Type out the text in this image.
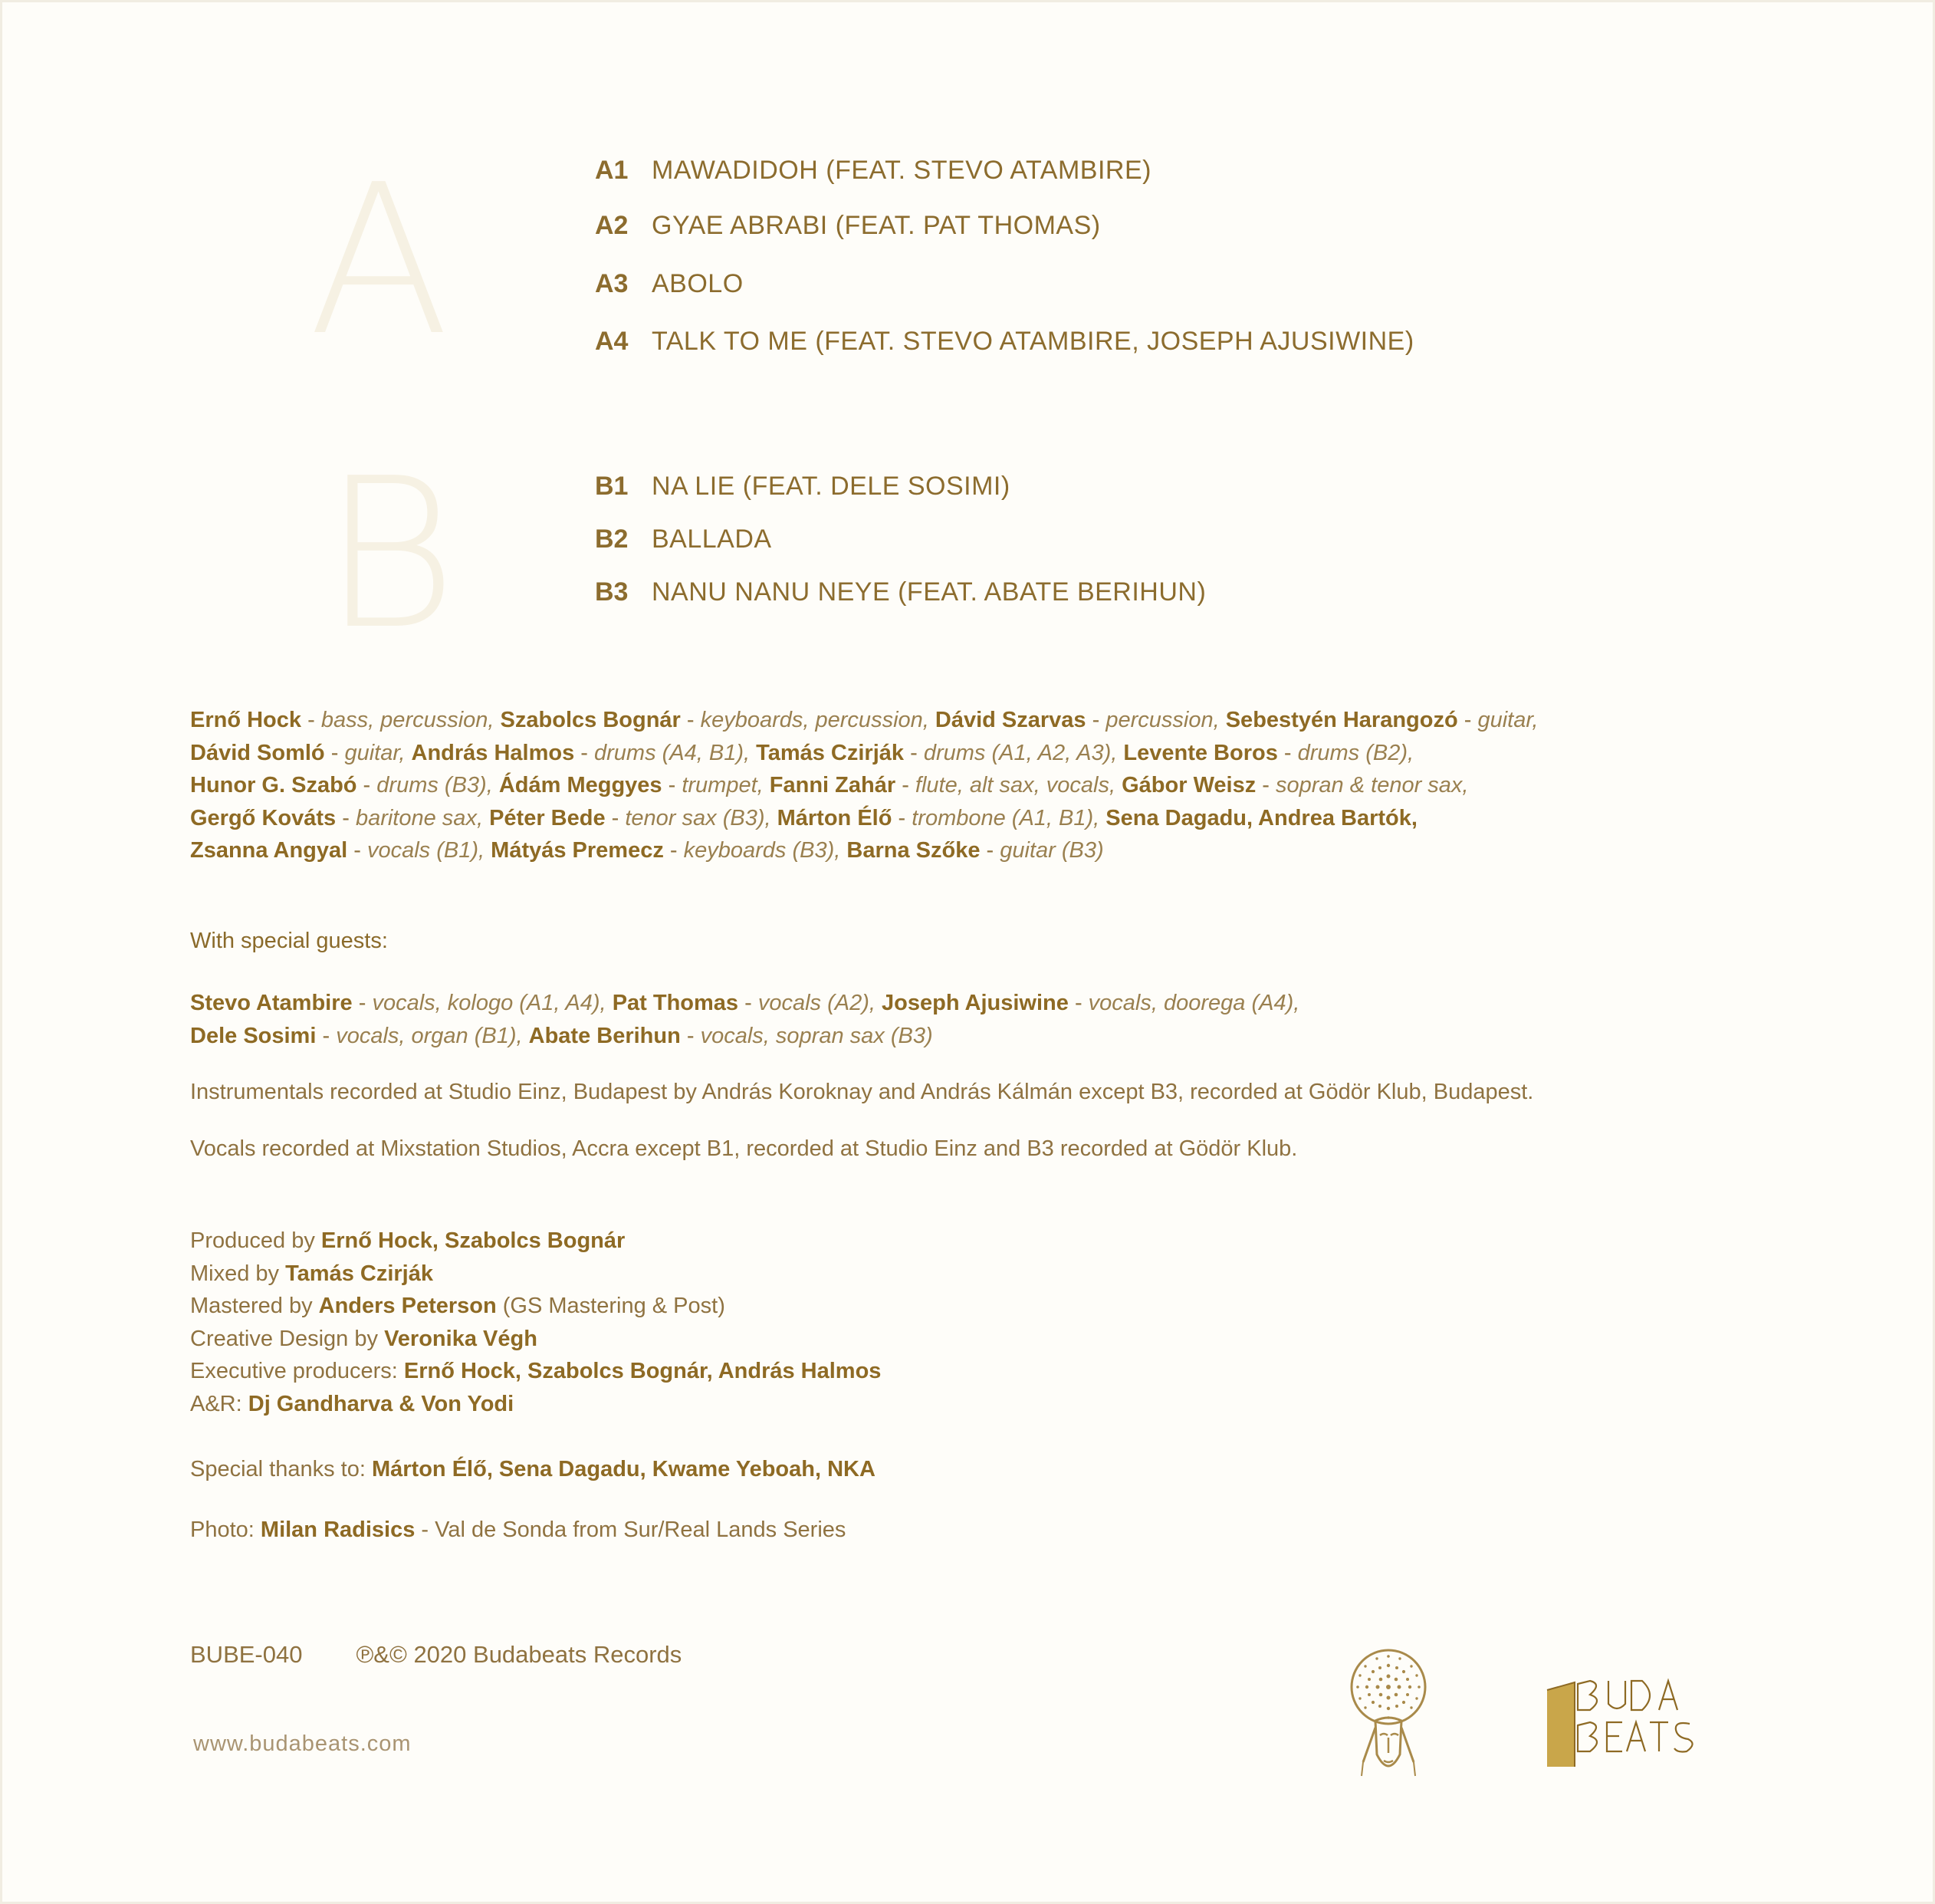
A
B
A1 MAWADIDOH (FEAT. STEVO ATAMBIRE)
A2 GYAE ABRABI (FEAT. PAT THOMAS)
A3 ABOLO
A4 TALK TO ME (FEAT. STEVO ATAMBIRE, JOSEPH AJUSIWINE)
B1 NA LIE (FEAT. DELE SOSIMI)
B2 BALLADA
B3 NANU NANU NEYE (FEAT. ABATE BERIHUN)
Ernő Hock - bass, percussion, Szabolcs Bognár - keyboards, percussion, Dávid Szarvas - percussion, Sebestyén Harangozó - guitar,
Dávid Somló - guitar, András Halmos - drums (A4, B1), Tamás Czirják - drums (A1, A2, A3), Levente Boros - drums (B2),
Hunor G. Szabó - drums (B3), Ádám Meggyes - trumpet, Fanni Zahár - flute, alt sax, vocals, Gábor Weisz - sopran & tenor sax,
Gergő Kováts - baritone sax, Péter Bede - tenor sax (B3), Márton Élő - trombone (A1, B1), Sena Dagadu, Andrea Bartók,
Zsanna Angyal - vocals (B1), Mátyás Premecz - keyboards (B3), Barna Szőke - guitar (B3)
With special guests:
Stevo Atambire - vocals, kologo (A1, A4), Pat Thomas - vocals (A2), Joseph Ajusiwine - vocals, doorega (A4),
Dele Sosimi - vocals, organ (B1), Abate Berihun - vocals, sopran sax (B3)
Instrumentals recorded at Studio Einz, Budapest by András Koroknay and András Kálmán except B3, recorded at Gödör Klub, Budapest.
Vocals recorded at Mixstation Studios, Accra except B1, recorded at Studio Einz and B3 recorded at Gödör Klub.
Produced by Ernő Hock, Szabolcs Bognár
Mixed by Tamás Czirják
Mastered by Anders Peterson (GS Mastering & Post)
Creative Design by Veronika Végh
Executive producers: Ernő Hock, Szabolcs Bognár, András Halmos
A&R: Dj Gandharva & Von Yodi
Special thanks to: Márton Élő, Sena Dagadu, Kwame Yeboah, NKA
Photo: Milan Radisics - Val de Sonda from Sur/Real Lands Series
BUBE-040 ℗&© 2020 Budabeats Records
www.budabeats.com
